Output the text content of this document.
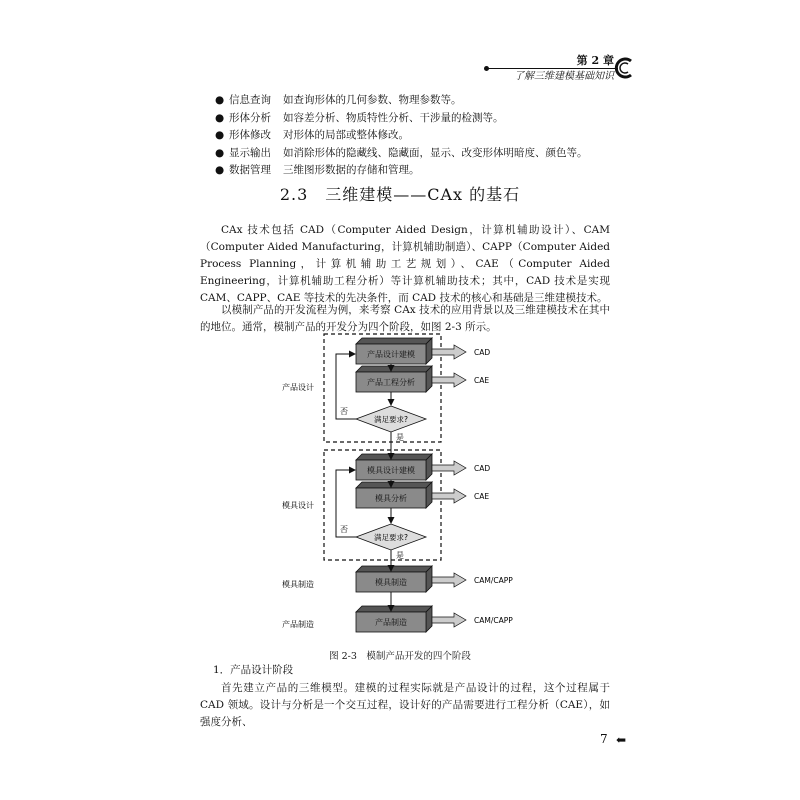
第 2 章
了解三维建模基础知识
● 信息查询	如查询形体的几何参数、物理参数等。
● 形体分析	如容差分析、物质特性分析、干涉量的检测等。
● 形体修改	对形体的局部或整体修改。
● 显示输出	如消除形体的隐藏线、隐藏面，显示、改变形体明暗度、颜色等。
● 数据管理	三维图形数据的存储和管理。
2.3　三维建模——CAx 的基石
CAx 技术包括 CAD（Computer Aided Design，计算机辅助设计）、CAM（Computer Aided Manufacturing，计算机辅助制造）、CAPP（Computer Aided Process Planning，计算机辅助工艺规划）、CAE（Computer Aided Engineering，计算机辅助工程分析）等计算机辅助技术；其中，CAD 技术是实现 CAM、CAPP、CAE 等技术的先决条件，而 CAD 技术的核心和基础是三维建模技术。
以模制产品的开发流程为例，来考察 CAx 技术的应用背景以及三维建模技术在其中的地位。通常，模制产品的开发分为四个阶段，如图 2-3 所示。
产品设计
模具设计
模具制造
产品制造
产品设计建模
产品工程分析
模具设计建模
模具分析
模具制造
产品制造
满足要求?
满足要求?
否
否
是
是
CAD
CAE
CAD
CAE
CAM/CAPP
CAM/CAPP
图 2-3　模制产品开发的四个阶段
1．产品设计阶段
首先建立产品的三维模型。建模的过程实际就是产品设计的过程，这个过程属于 CAD 领域。设计与分析是一个交互过程，设计好的产品需要进行工程分析（CAE），如强度分析、
7 ⬅
